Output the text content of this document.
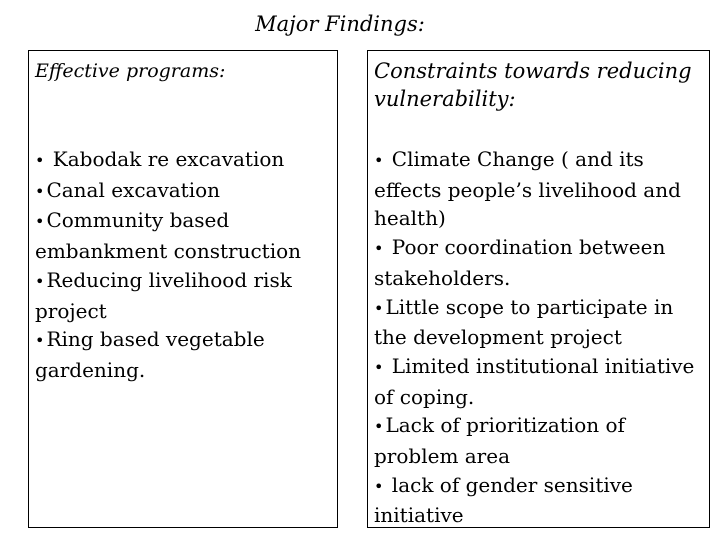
Major Findings:

Effective programs:

• Kabodak re excavation
• Canal excavation
• Community based embankment construction
• Reducing livelihood risk project
• Ring based vegetable gardening.

Constraints towards reducing vulnerability:

• Climate Change ( and its effects people’s livelihood and health)
• Poor coordination between stakeholders.
• Little scope to participate in the development project
• Limited institutional initiative of coping.
• Lack of prioritization of problem area
• lack of gender sensitive initiative
